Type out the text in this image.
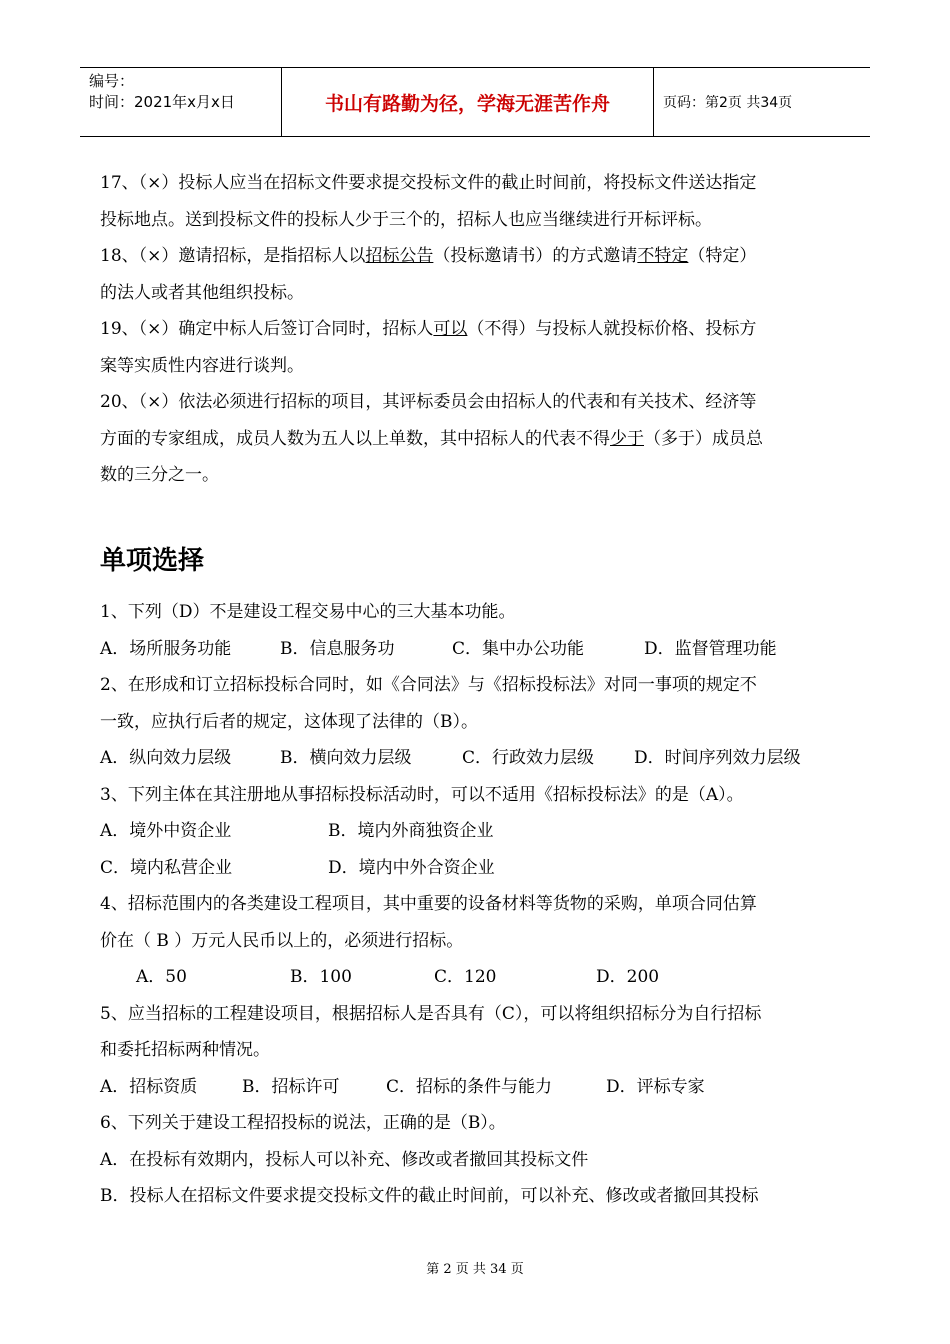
编号：
时间：2021年x月x日	书山有路勤为径，学海无涯苦作舟	页码：第2页 共34页
17、（×）投标人应当在招标文件要求提交投标文件的截止时间前，将投标文件送达指定
投标地点。送到投标文件的投标人少于三个的，招标人也应当继续进行开标评标。
18、（×）邀请招标，是指招标人以招标公告（投标邀请书）的方式邀请不特定（特定）
的法人或者其他组织投标。
19、（×）确定中标人后签订合同时，招标人可以（不得）与投标人就投标价格、投标方
案等实质性内容进行谈判。
20、（×）依法必须进行招标的项目，其评标委员会由招标人的代表和有关技术、经济等
方面的专家组成，成员人数为五人以上单数，其中招标人的代表不得少于（多于）成员总
数的三分之一。
单项选择
1、下列（D）不是建设工程交易中心的三大基本功能。
A．场所服务功能	B．信息服务功	C．集中办公功能	D．监督管理功能
2、在形成和订立招标投标合同时，如《合同法》与《招标投标法》对同一事项的规定不
一致，应执行后者的规定，这体现了法律的（B）。
A．纵向效力层级	B．横向效力层级	C．行政效力层级	D．时间序列效力层级
3、下列主体在其注册地从事招标投标活动时，可以不适用《招标投标法》的是（A）。
A．境外中资企业	B．境内外商独资企业
C．境内私营企业	D．境内中外合资企业
4、招标范围内的各类建设工程项目，其中重要的设备材料等货物的采购，单项合同估算
价在（ B ）万元人民币以上的，必须进行招标。
A．50	B．100	C．120	D．200
5、应当招标的工程建设项目，根据招标人是否具有（C），可以将组织招标分为自行招标
和委托招标两种情况。
A．招标资质	B．招标许可	C．招标的条件与能力	D．评标专家
6、下列关于建设工程招投标的说法，正确的是（B）。
A．在投标有效期内，投标人可以补充、修改或者撤回其投标文件
B．投标人在招标文件要求提交投标文件的截止时间前，可以补充、修改或者撤回其投标
第 2 页 共 34 页
